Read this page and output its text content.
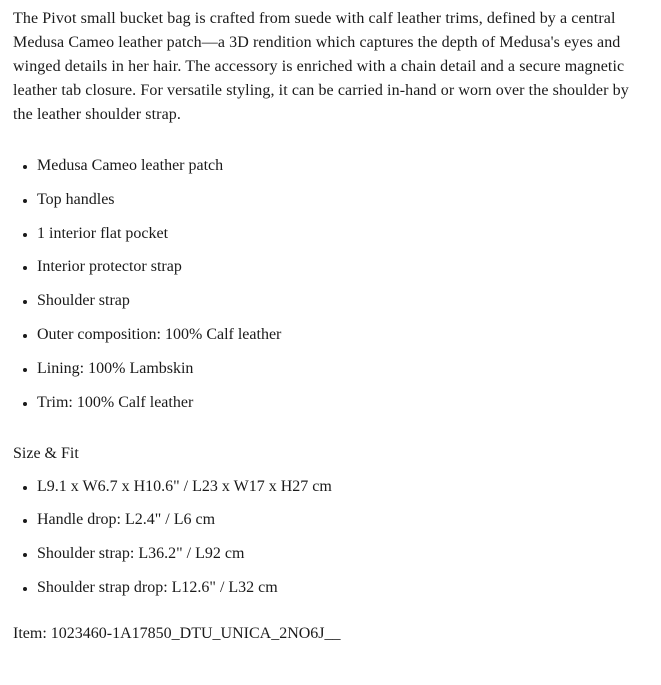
The Pivot small bucket bag is crafted from suede with calf leather trims, defined by a central Medusa Cameo leather patch—a 3D rendition which captures the depth of Medusa's eyes and winged details in her hair. The accessory is enriched with a chain detail and a secure magnetic leather tab closure. For versatile styling, it can be carried in-hand or worn over the shoulder by the leather shoulder strap.

• Medusa Cameo leather patch
• Top handles
• 1 interior flat pocket
• Interior protector strap
• Shoulder strap
• Outer composition: 100% Calf leather
• Lining: 100% Lambskin
• Trim: 100% Calf leather

Size & Fit

• L9.1 x W6.7 x H10.6" / L23 x W17 x H27 cm
• Handle drop: L2.4" / L6 cm
• Shoulder strap: L36.2" / L92 cm
• Shoulder strap drop: L12.6" / L32 cm

Item: 1023460-1A17850_DTU_UNICA_2NO6J__
